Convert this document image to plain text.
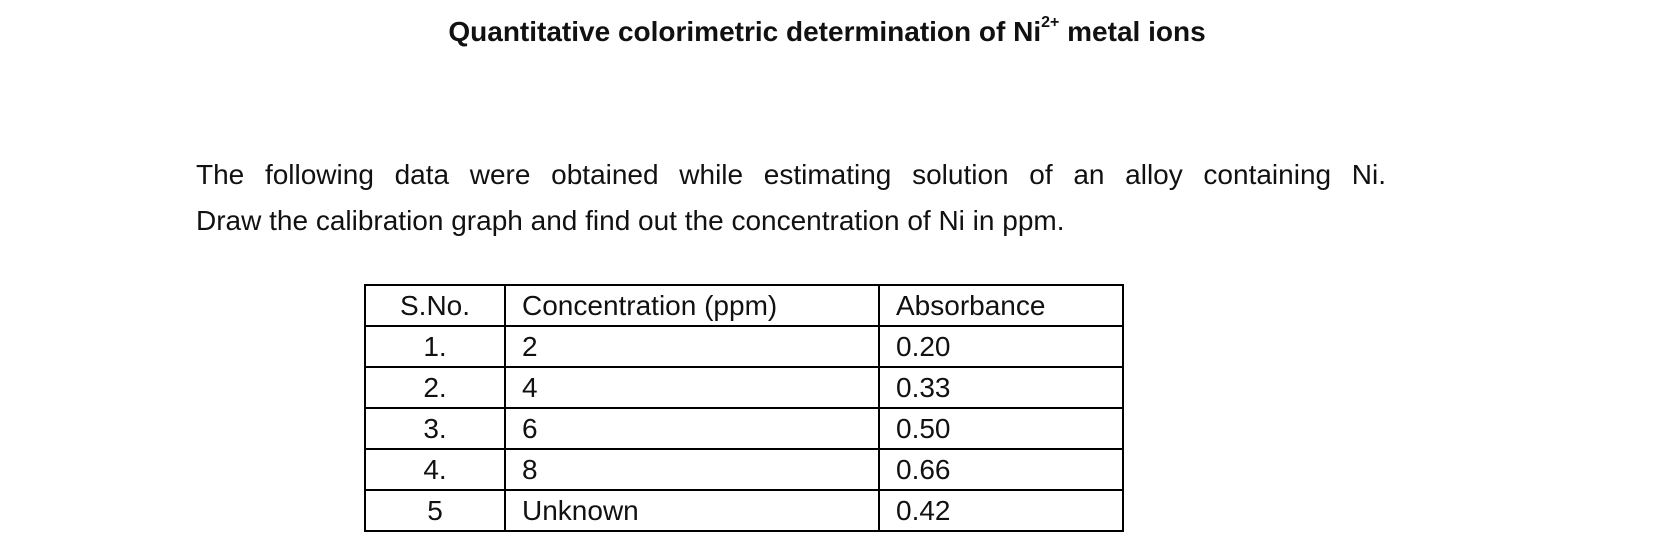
Quantitative colorimetric determination of $Ni^{2+}$ metal ions
The following data were obtained while estimating solution of an alloy containing Ni.
Draw the calibration graph and find out the concentration of Ni in ppm.
S.No.	Concentration (ppm)	Absorbance
1.	2	0.20
2.	4	0.33
3.	6	0.50
4.	8	0.66
5	Unknown	0.42
